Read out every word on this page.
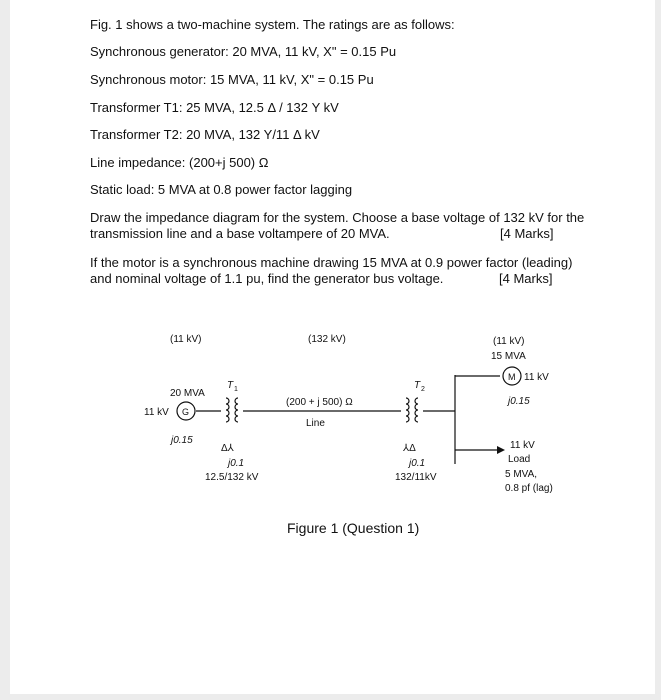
Fig. 1 shows a two-machine system. The ratings are as follows:
Synchronous generator: 20 MVA, 11 kV, X" = 0.15 Pu
Synchronous motor: 15 MVA, 11 kV, X" = 0.15 Pu
Transformer T1: 25 MVA, 12.5 Δ / 132 Y kV
Transformer T2: 20 MVA, 132 Y/11 Δ kV
Line impedance: (200+j 500) Ω
Static load: 5 MVA at 0.8 power factor lagging
Draw the impedance diagram for the system. Choose a base voltage of 132 kV for the
transmission line and a base voltampere of 20 MVA.	[4 Marks]
If the motor is a synchronous machine drawing 15 MVA at 0.9 power factor (leading)
and nominal voltage of 1.1 pu, find the generator bus voltage.	[4 Marks]
(11 kV)	(132 kV)	(11 kV)
15 MVA
M 11 kV
j0.15
20 MVA
11 kV G
j0.15
T 1
Δ⅄
j0.1
12.5/132 kV
T 2
⅄Δ
j0.1
132/11kV
(200 + j 500) Ω
Line
11 kV
Load
5 MVA,
0.8 pf (lag)
Figure 1 (Question 1)
